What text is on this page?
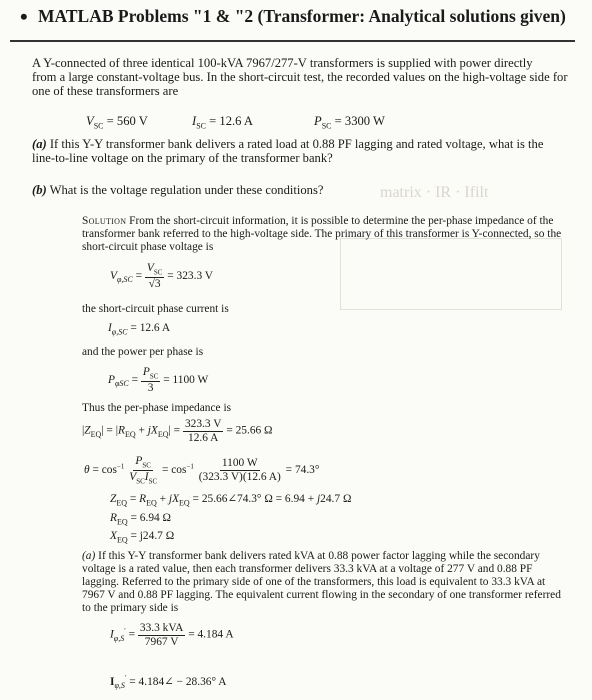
• MATLAB Problems "1 & "2 (Transformer: Analytical solutions given)
A Y-connected of three identical 100-kVA 7967/277-V transformers is supplied with power directly
from a large constant-voltage bus. In the short-circuit test, the recorded values on the high-voltage side for
one of these transformers are
$V_{SC} = 560$ V	$I_{SC} = 12.6$ A	$P_{SC} = 3300$ W
(a) If this Y-Y transformer bank delivers a rated load at 0.88 PF lagging and rated voltage, what is the
line-to-line voltage on the primary of the transformer bank?
(b) What is the voltage regulation under these conditions?	matrix · IR · Ifilt
Solution From the short-circuit information, it is possible to determine the per-phase impedance of the
transformer bank referred to the high-voltage side. The primary of this transformer is Y-connected, so the
short-circuit phase voltage is
$V_{\varphi,SC} = \frac{V_{SC}}{√3} = 323.3$ V
the short-circuit phase current is
$I_{\varphi,SC} = 12.6$ A
and the power per phase is
$P_{\varphi SC} = \frac{P_{SC}}{3} = 1100$ W
Thus the per-phase impedance is
$|Z_{EQ}| = |R_{EQ} + jX_{EQ}| = \frac{323.3 V}{12.6 A} = 25.66$ Ω
$\theta = \cos^{-1} \frac{P_{SC}}{V_{SC}I_{SC}} = \cos^{-1} \frac{1100 W}{(323.3 V)(12.6 A)} = 74.3^\circ$
$Z_{EQ} = R_{EQ} + jX_{EQ}$ = 25.66∠74.3° Ω = 6.94 + j24.7 Ω
$R_{EQ} = 6.94$ Ω
$X_{EQ} = j24.7$ Ω
(a) If this Y-Y transformer bank delivers rated kVA at 0.88 power factor lagging while the secondary
voltage is a rated value, then each transformer delivers 33.3 kVA at a voltage of 277 V and 0.88 PF
lagging. Referred to the primary side of one of the transformers, this load is equivalent to 33.3 kVA at
7967 V and 0.88 PF lagging. The equivalent current flowing in the secondary of one transformer referred
to the primary side is
$I_{\varphi,S}' = \frac{\text{33.3 kVA}}{7967 V} = 4.184$ A
$I_{\varphi,S}'$ = 4.184∠ − 28.36° A
